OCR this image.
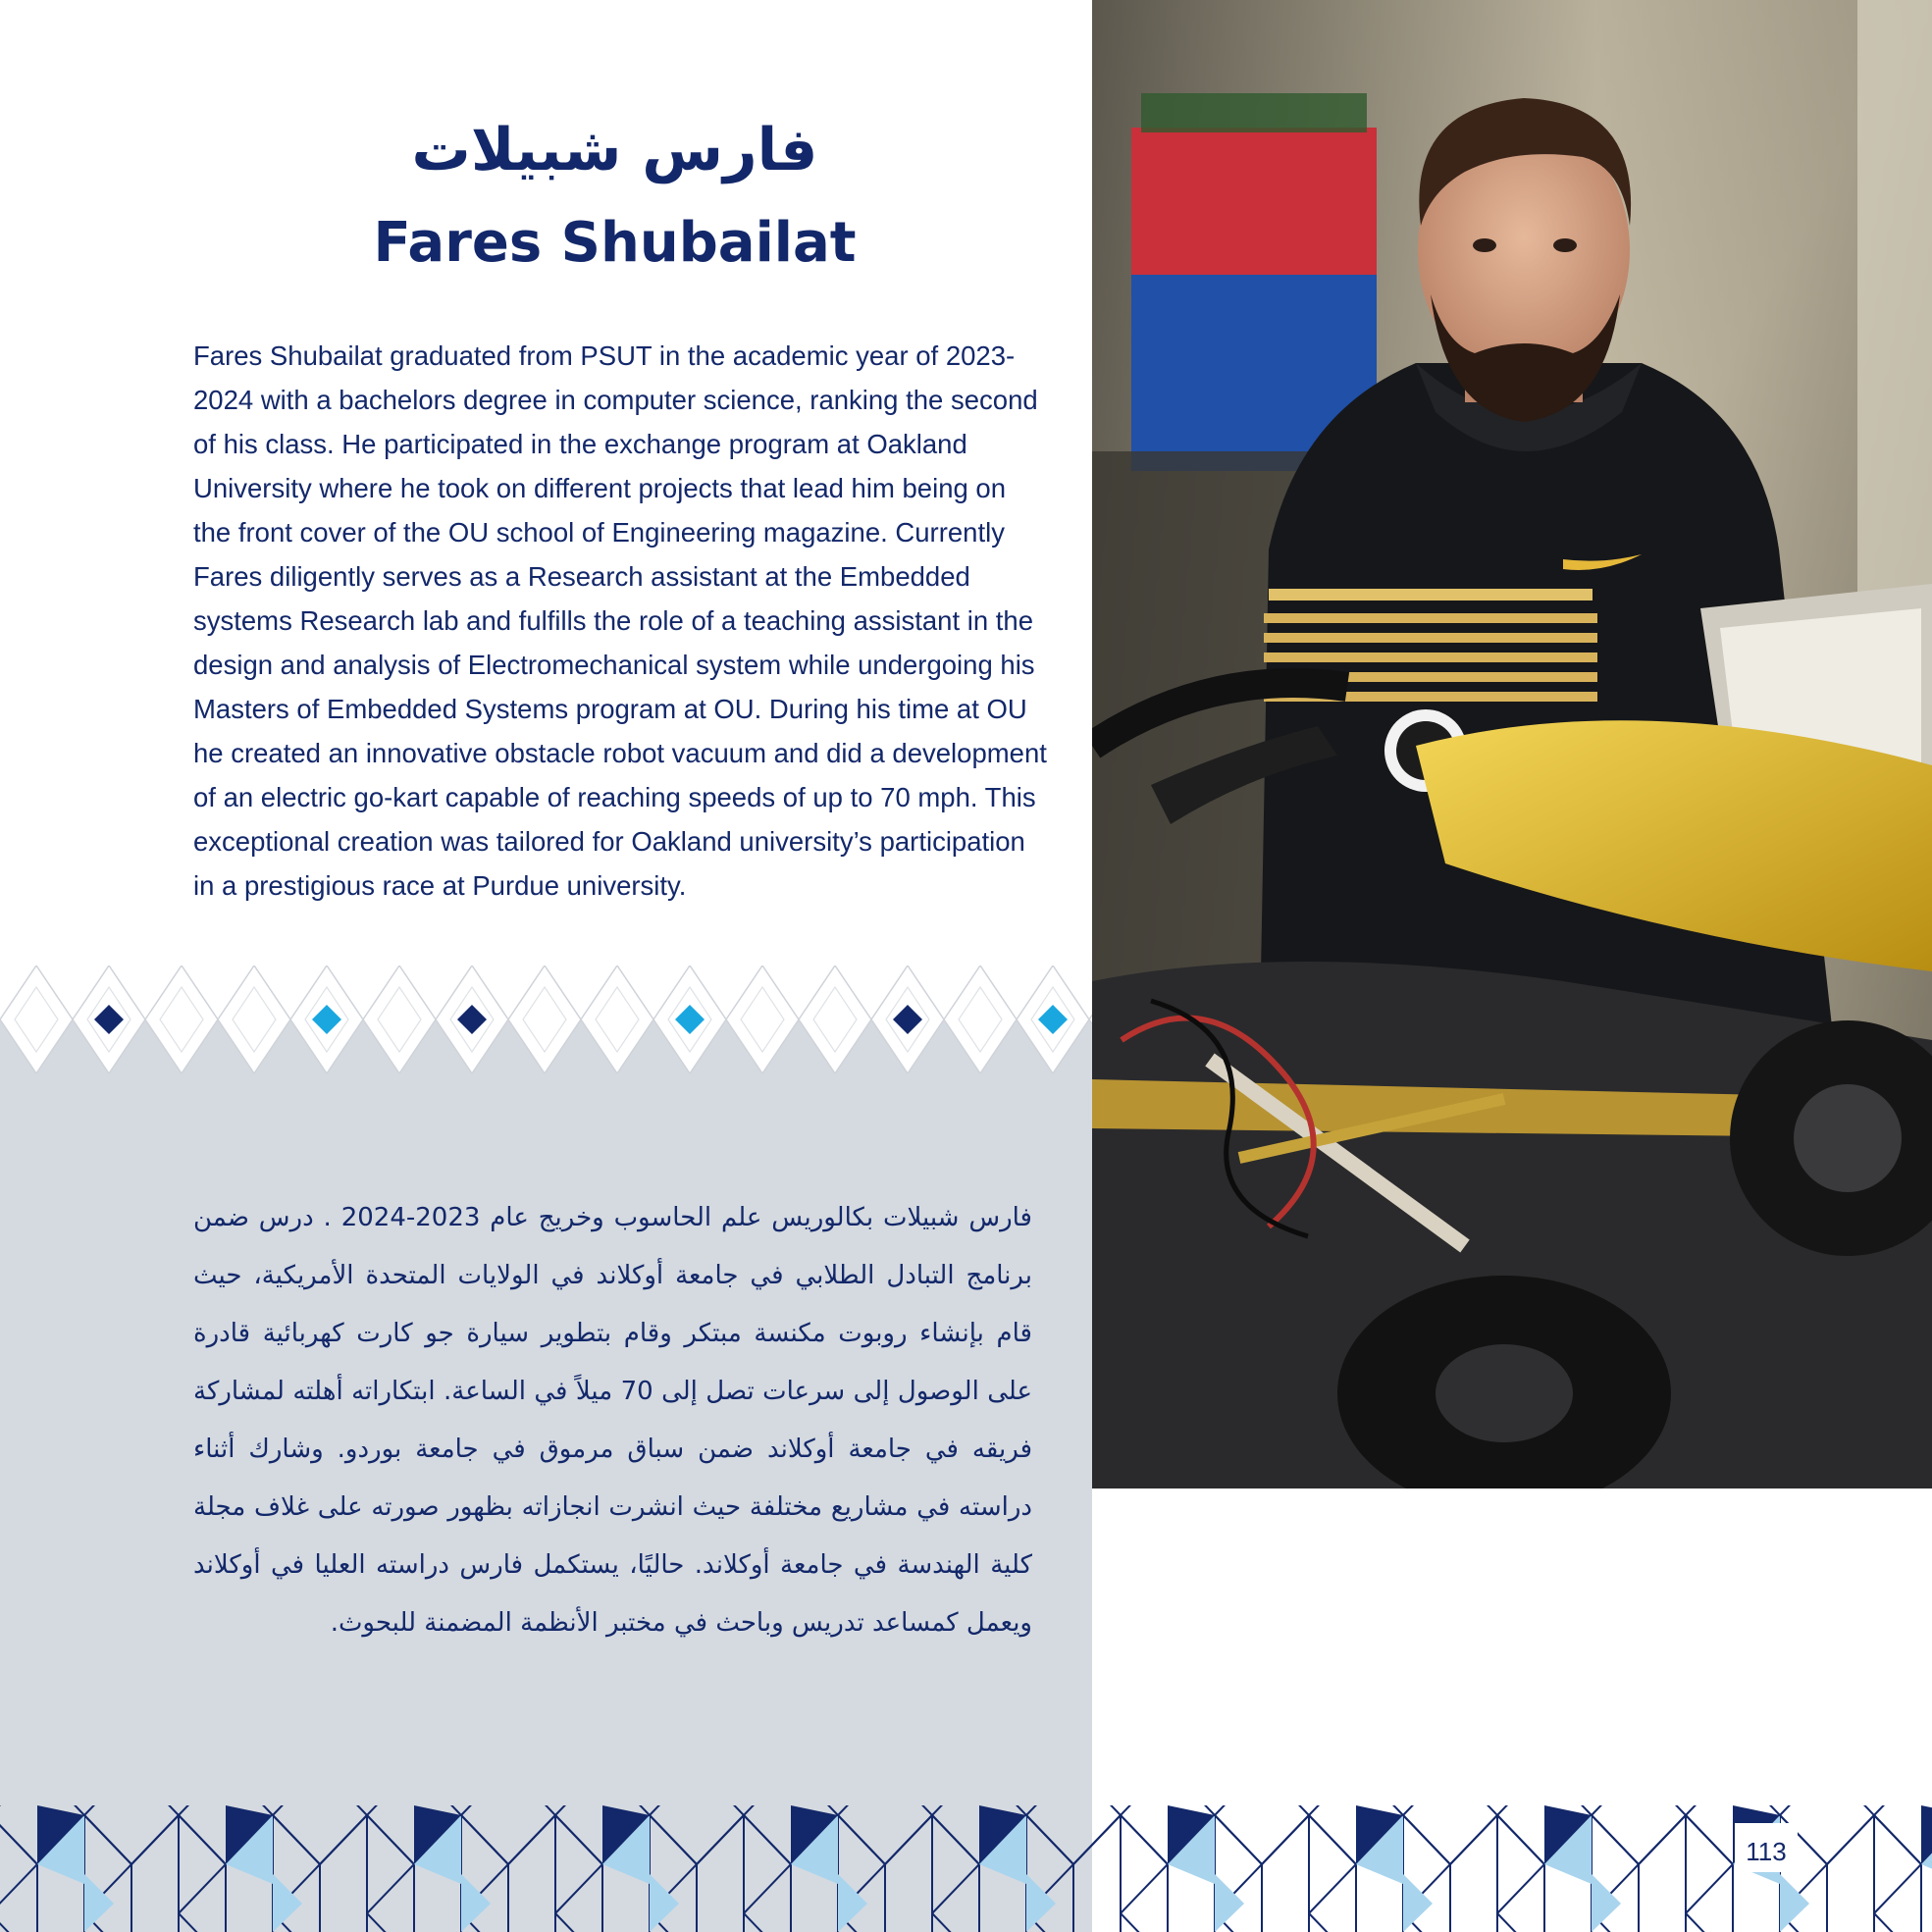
فارس شبيلات
Fares Shubailat

Fares Shubailat graduated from PSUT in the academic year of 2023-2024 with a bachelors degree in computer science, ranking the second of his class. He participated in the exchange program at Oakland University where he took on different projects that lead him being on the front cover of the OU school of Engineering magazine. Currently Fares diligently serves as a Research assistant at the Embedded systems Research lab and fulfills the role of a teaching assistant in the design and analysis of Electromechanical system while undergoing his Masters of Embedded Systems program at OU. During his time at OU he created an innovative obstacle robot vacuum and did a development of an electric go-kart capable of reaching speeds of up to 70 mph. This exceptional creation was tailored for Oakland university’s participation in a prestigious race at Purdue university.

فارس شبيلات بكالوريس علم الحاسوب وخريج عام 2023-2024 . درس ضمن برنامج التبادل الطلابي في جامعة أوكلاند في الولايات المتحدة الأمريكية، حيث قام بإنشاء روبوت مكنسة مبتكر وقام بتطوير سيارة جو كارت كهربائية قادرة على الوصول إلى سرعات تصل إلى 70 ميلاً في الساعة. ابتكاراته أهلته لمشاركة فريقه في جامعة أوكلاند ضمن سباق مرموق في جامعة بوردو. وشارك أثناء دراسته في مشاريع مختلفة حيث انشرت انجازاته بظهور صورته على غلاف مجلة كلية الهندسة في جامعة أوكلاند. حاليًا، يستكمل فارس دراسته العليا في أوكلاند ويعمل كمساعد تدريس وباحث في مختبر الأنظمة المضمنة للبحوث.

113
